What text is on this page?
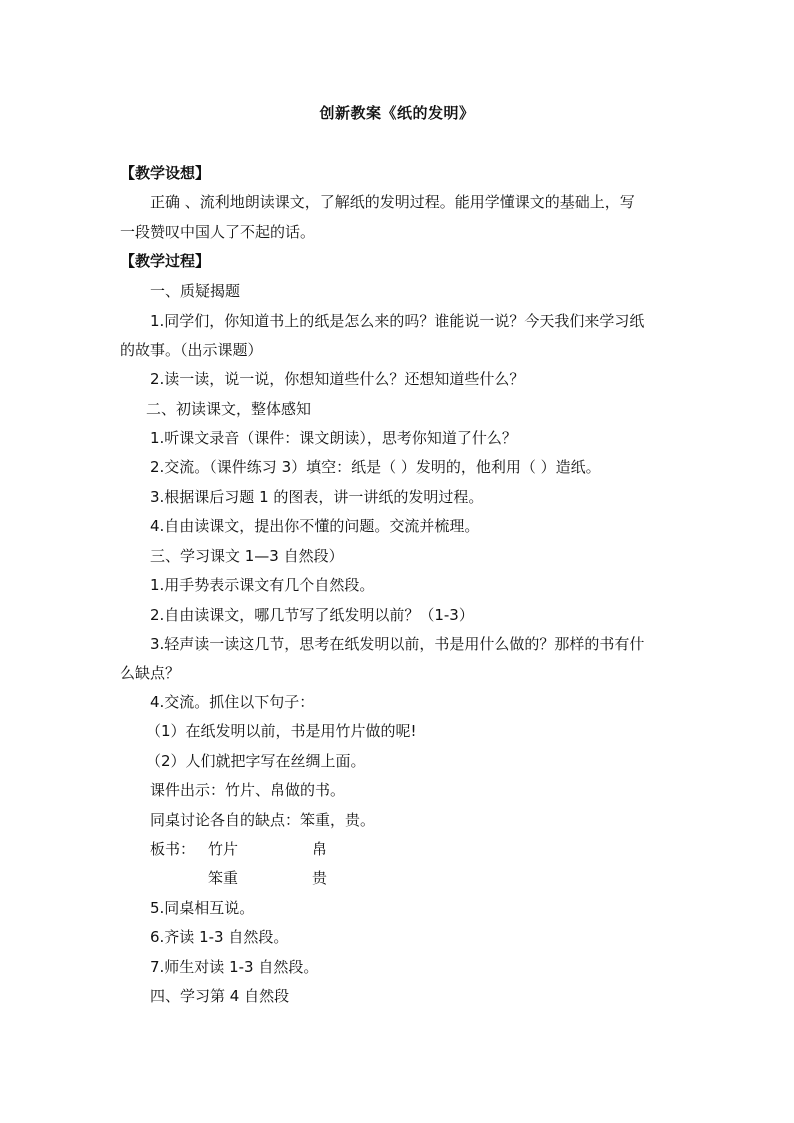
创新教案《纸的发明》
【教学设想】
正确 、流利地朗读课文，了解纸的发明过程。能用学懂课文的基础上，写
一段赞叹中国人了不起的话。
【教学过程】
一、质疑揭题
1.同学们，你知道书上的纸是怎么来的吗？谁能说一说？今天我们来学习纸
的故事。（出示课题）
2.读一读，说一说，你想知道些什么？还想知道些什么？
二、初读课文，整体感知
1.听课文录音（课件：课文朗读），思考你知道了什么？
2.交流。（课件练习 3）填空：纸是（ ）发明的，他利用（ ）造纸。
3.根据课后习题 1 的图表，讲一讲纸的发明过程。
4.自由读课文，提出你不懂的问题。交流并梳理。
三、学习课文 1—3 自然段）
1.用手势表示课文有几个自然段。
2.自由读课文，哪几节写了纸发明以前？（1-3）
3.轻声读一读这几节，思考在纸发明以前，书是用什么做的？那样的书有什
么缺点？
4.交流。抓住以下句子：
（1）在纸发明以前，书是用竹片做的呢!
（2）人们就把字写在丝绸上面。
课件出示：竹片、帛做的书。
同桌讨论各自的缺点：笨重，贵。
板书： 竹片	帛
笨重	贵
5.同桌相互说。
6.齐读 1-3 自然段。
7.师生对读 1-3 自然段。
四、学习第 4 自然段
